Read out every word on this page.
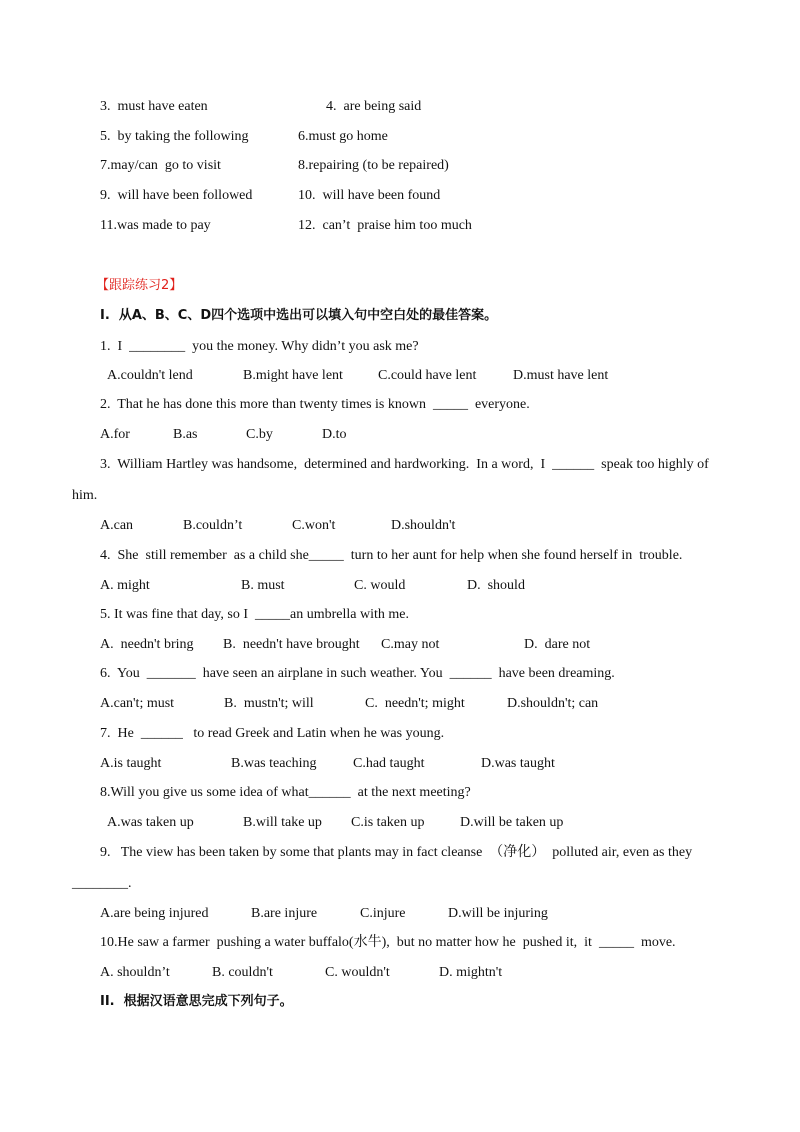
3.  must have eaten	4.  are being said
5.  by taking the following	6.must go home
7.may/can  go to visit	8.repairing (to be repaired)
9.  will have been followed	10.  will have been found
11.was made to pay	12.  can’t  praise him too much
【跟踪练习2】
I.  从A、B、C、D四个选项中选出可以填入句中空白处的最佳答案。
1.  I  ________  you the money. Why didn’t you ask me?
A.couldn't lend	B.might have lent	C.could have lent	D.must have lent
2.  That he has done this more than twenty times is known  _____  everyone.
A.for	B.as	C.by	D.to
3.  William Hartley was handsome,  determined and hardworking.  In a word,  I  ______  speak too highly of
him.
A.can	B.couldn’t	C.won't	D.shouldn't
4.  She  still remember  as a child she_____  turn to her aunt for help when she found herself in  trouble.
A. might	B. must	C. would	D.  should
5. It was fine that day, so I  _____an umbrella with me.
A.  needn't bring B.  needn't have brought C.may not	D.  dare not
6.  You  _______  have seen an airplane in such weather. You  ______  have been dreaming.
A.can't; must	B.  mustn't; will	C.  needn't; might	D.shouldn't; can
7.  He  ______   to read Greek and Latin when he was young.
A.is taught	B.was teaching	C.had taught	D.was taught
8.Will you give us some idea of what______  at the next meeting?
A.was taken up	B.will take up C.is taken up	D.will be taken up
9.   The view has been taken by some that plants may in fact cleanse  （净化）  polluted air, even as they
________.
A.are being injured	B.are injure	C.injure	D.will be injuring
10.He saw a farmer  pushing a water buffalo(水牛),  but no matter how he  pushed it,  it  _____  move.
A. shouldn’t	B. couldn't	C. wouldn't	D. mightn't
II.  根据汉语意思完成下列句子。
